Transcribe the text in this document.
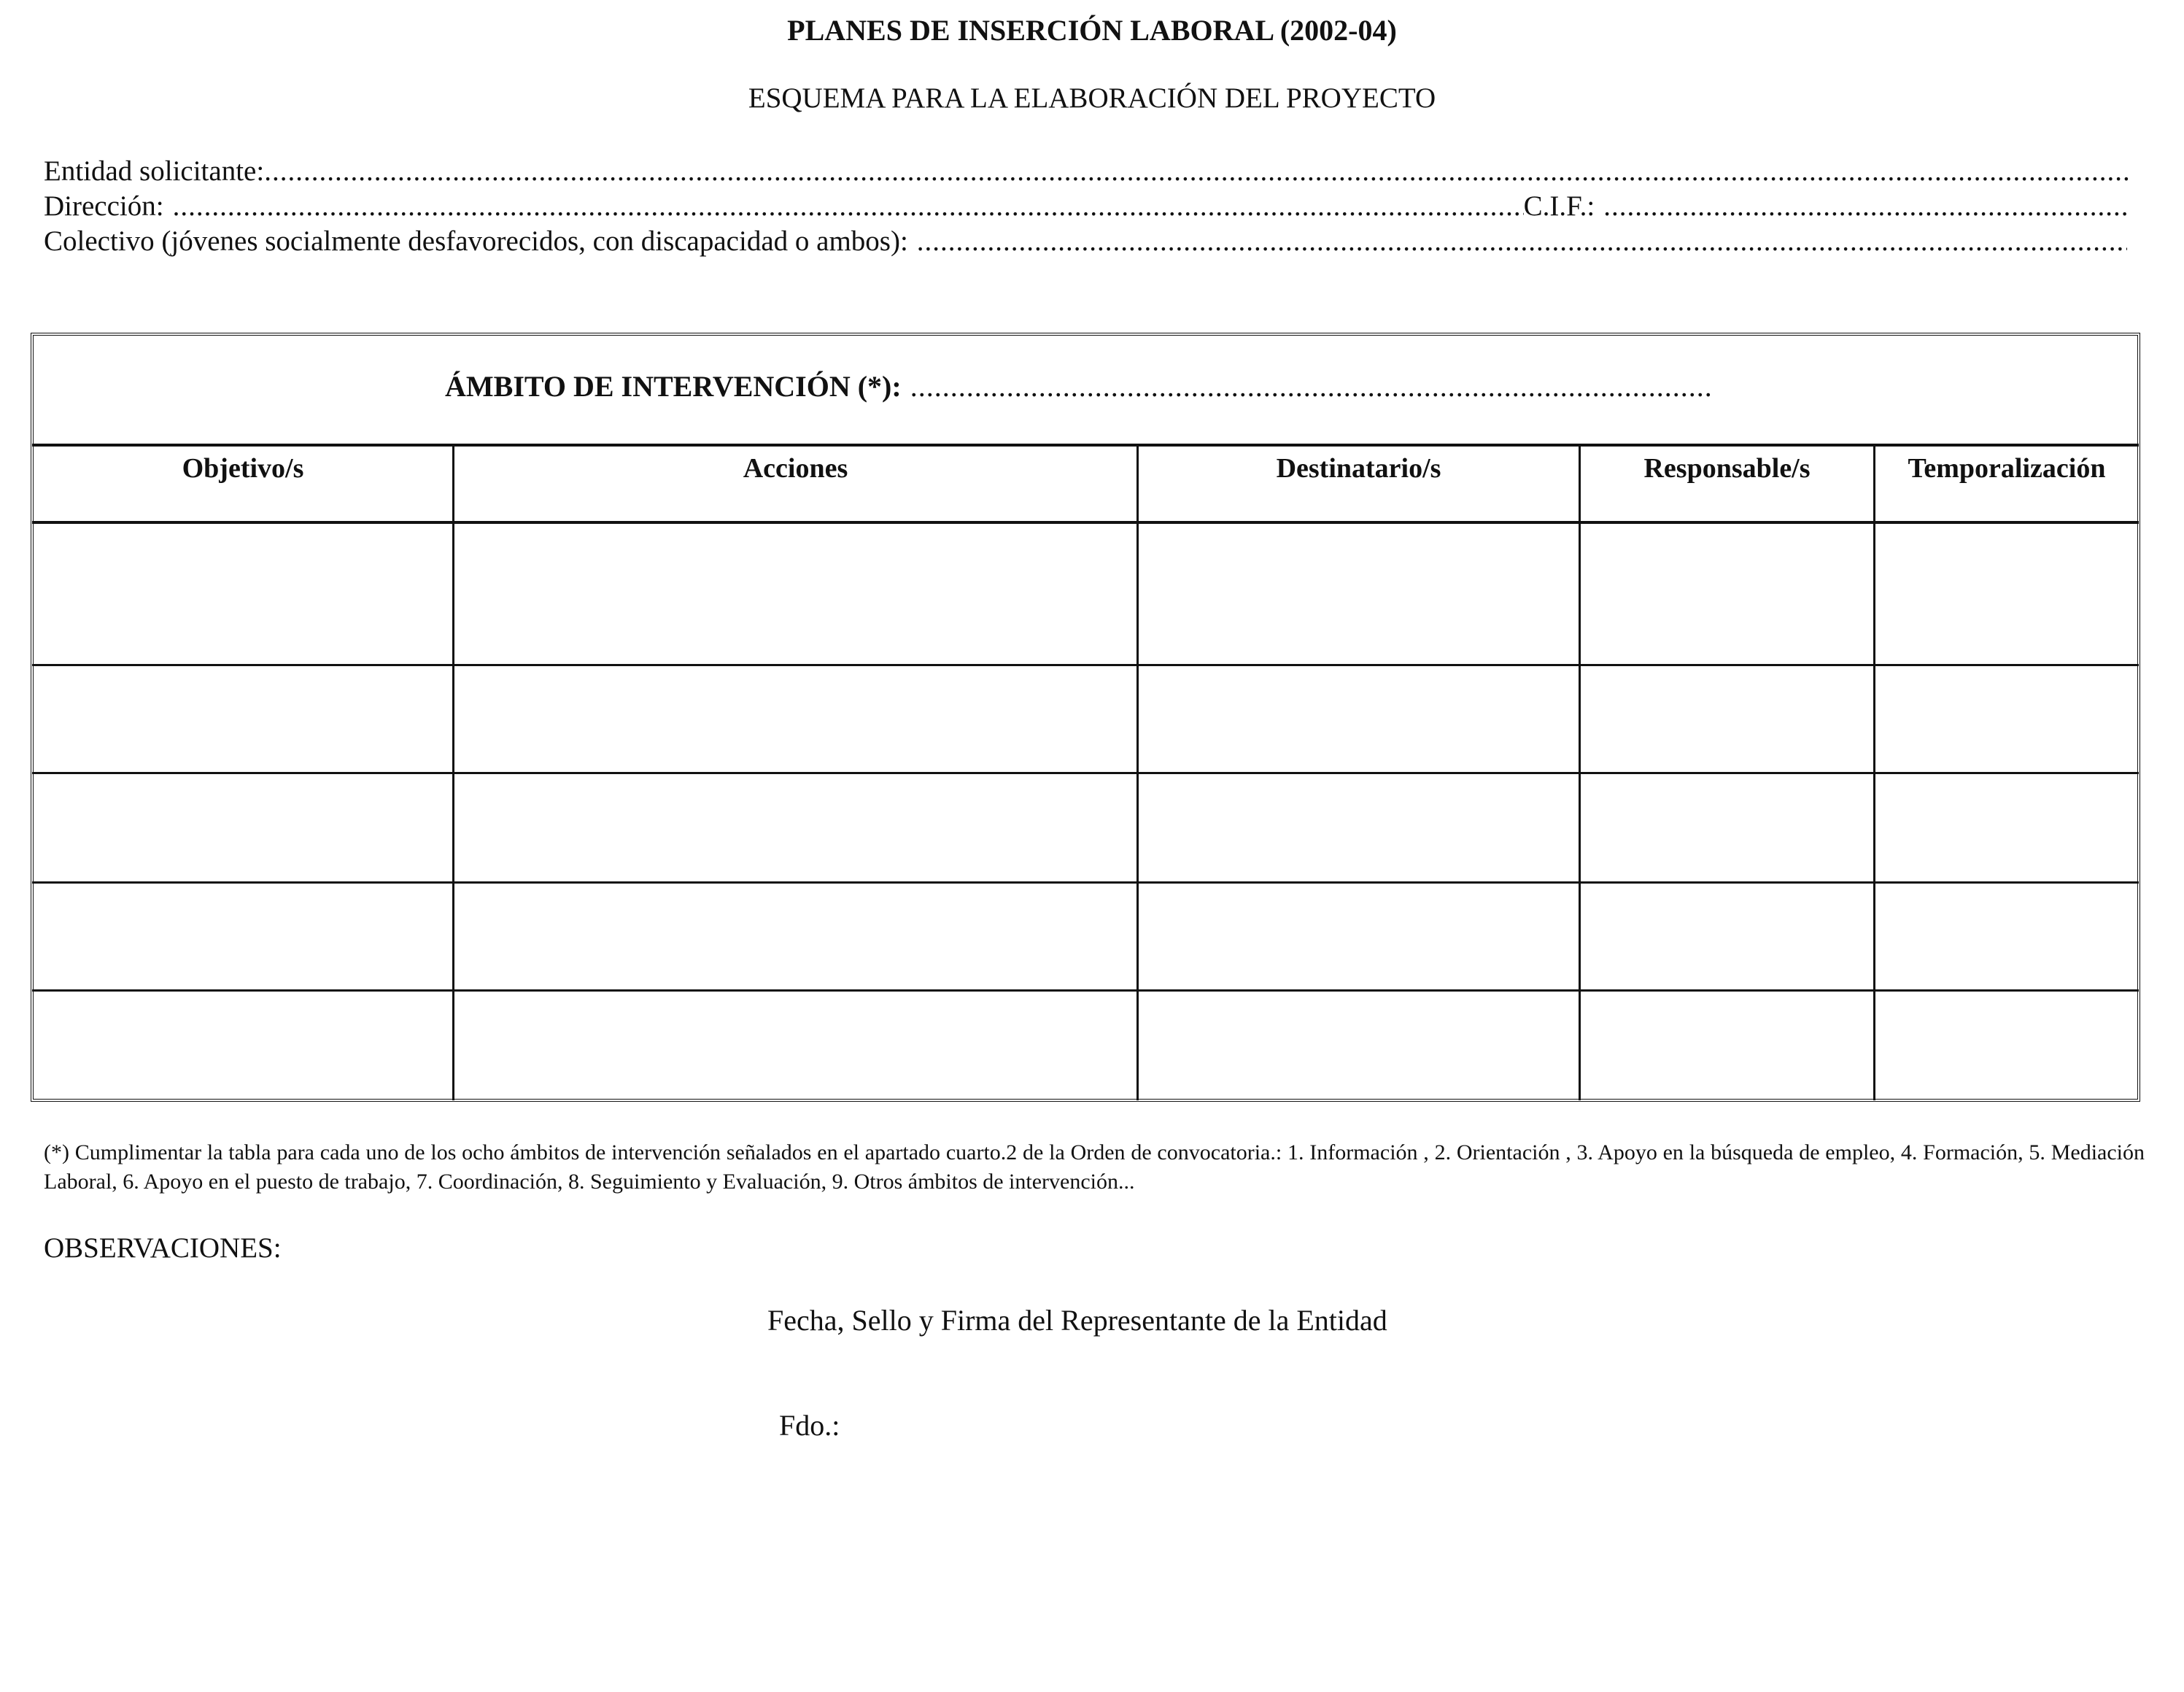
PLANES DE INSERCIÓN LABORAL (2002-04)
ESQUEMA PARA LA ELABORACIÓN DEL PROYECTO
Entidad solicitante:
.....
Dirección:
.....	C.I.F.:
.....
Colectivo (jóvenes socialmente desfavorecidos, con discapacidad o ambos):
.....
ÁMBITO DE INTERVENCIÓN (*):
.....
Objetivo/s	Acciones	Destinatario/s	Responsable/s	Temporalización
(*) Cumplimentar la tabla para cada uno de los ocho ámbitos de intervención señalados en el apartado cuarto.2 de la Orden de convocatoria.: 1. Información , 2. Orientación , 3. Apoyo en la búsqueda de empleo, 4. Formación, 5. Mediación Laboral, 6. Apoyo en el puesto de trabajo, 7. Coordinación, 8. Seguimiento y Evaluación, 9. Otros ámbitos de intervención...
OBSERVACIONES:
Fecha, Sello y Firma del Representante de la Entidad
Fdo.:
